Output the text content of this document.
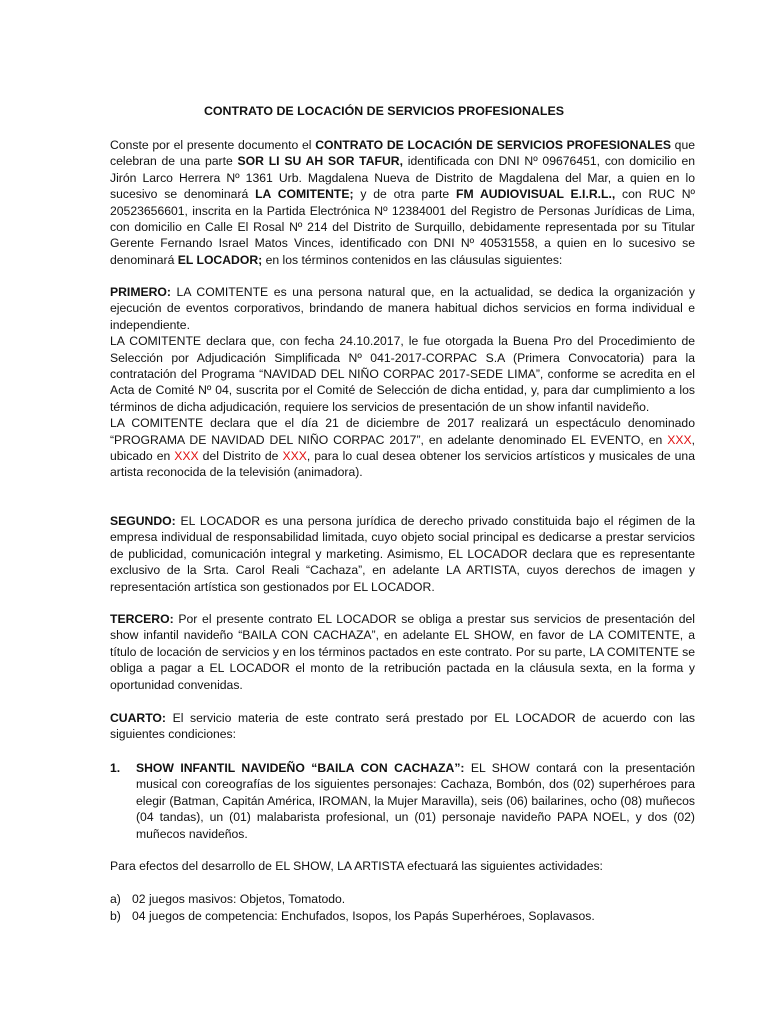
CONTRATO DE LOCACIÓN DE SERVICIOS PROFESIONALES

Conste por el presente documento el CONTRATO DE LOCACIÓN DE SERVICIOS PROFESIONALES que celebran de una parte SOR LI SU AH SOR TAFUR, identificada con DNI Nº 09676451, con domicilio en Jirón Larco Herrera Nº 1361 Urb. Magdalena Nueva de Distrito de Magdalena del Mar, a quien en lo sucesivo se denominará LA COMITENTE; y de otra parte FM AUDIOVISUAL E.I.R.L., con RUC Nº 20523656601, inscrita en la Partida Electrónica Nº 12384001 del Registro de Personas Jurídicas de Lima, con domicilio en Calle El Rosal Nº 214 del Distrito de Surquillo, debidamente representada por su Titular Gerente Fernando Israel Matos Vinces, identificado con DNI Nº 40531558, a quien en lo sucesivo se denominará EL LOCADOR; en los términos contenidos en las cláusulas siguientes:

PRIMERO: LA COMITENTE es una persona natural que, en la actualidad, se dedica la organización y ejecución de eventos corporativos, brindando de manera habitual dichos servicios en forma individual e independiente.

LA COMITENTE declara que, con fecha 24.10.2017, le fue otorgada la Buena Pro del Procedimiento de Selección por Adjudicación Simplificada Nº 041-2017-CORPAC S.A (Primera Convocatoria) para la contratación del Programa “NAVIDAD DEL NIÑO CORPAC 2017-SEDE LIMA”, conforme se acredita en el Acta de Comité Nº 04, suscrita por el Comité de Selección de dicha entidad, y, para dar cumplimiento a los términos de dicha adjudicación, requiere los servicios de presentación de un show infantil navideño.

LA COMITENTE declara que el día 21 de diciembre de 2017 realizará un espectáculo denominado “PROGRAMA DE NAVIDAD DEL NIÑO CORPAC 2017”, en adelante denominado EL EVENTO, en XXX, ubicado en XXX del Distrito de XXX, para lo cual desea obtener los servicios artísticos y musicales de una artista reconocida de la televisión (animadora).

SEGUNDO: EL LOCADOR es una persona jurídica de derecho privado constituida bajo el régimen de la empresa individual de responsabilidad limitada, cuyo objeto social principal es dedicarse a prestar servicios de publicidad, comunicación integral y marketing. Asimismo, EL LOCADOR declara que es representante exclusivo de la Srta. Carol Reali “Cachaza”, en adelante LA ARTISTA, cuyos derechos de imagen y representación artística son gestionados por EL LOCADOR.

TERCERO: Por el presente contrato EL LOCADOR se obliga a prestar sus servicios de presentación del show infantil navideño “BAILA CON CACHAZA”, en adelante EL SHOW, en favor de LA COMITENTE, a título de locación de servicios y en los términos pactados en este contrato. Por su parte, LA COMITENTE se obliga a pagar a EL LOCADOR el monto de la retribución pactada en la cláusula sexta, en la forma y oportunidad convenidas.

CUARTO: El servicio materia de este contrato será prestado por EL LOCADOR de acuerdo con las siguientes condiciones:

1. SHOW INFANTIL NAVIDEÑO “BAILA CON CACHAZA”: EL SHOW contará con la presentación musical con coreografías de los siguientes personajes: Cachaza, Bombón, dos (02) superhéroes para elegir (Batman, Capitán América, IROMAN, la Mujer Maravilla), seis (06) bailarines, ocho (08) muñecos (04 tandas), un (01) malabarista profesional, un (01) personaje navideño PAPA NOEL, y dos (02) muñecos navideños.
Para efectos del desarrollo de EL SHOW, LA ARTISTA efectuará las siguientes actividades:
a) 02 juegos masivos: Objetos, Tomatodo.
b) 04 juegos de competencia: Enchufados, Isopos, los Papás Superhéroes, Soplavasos.
